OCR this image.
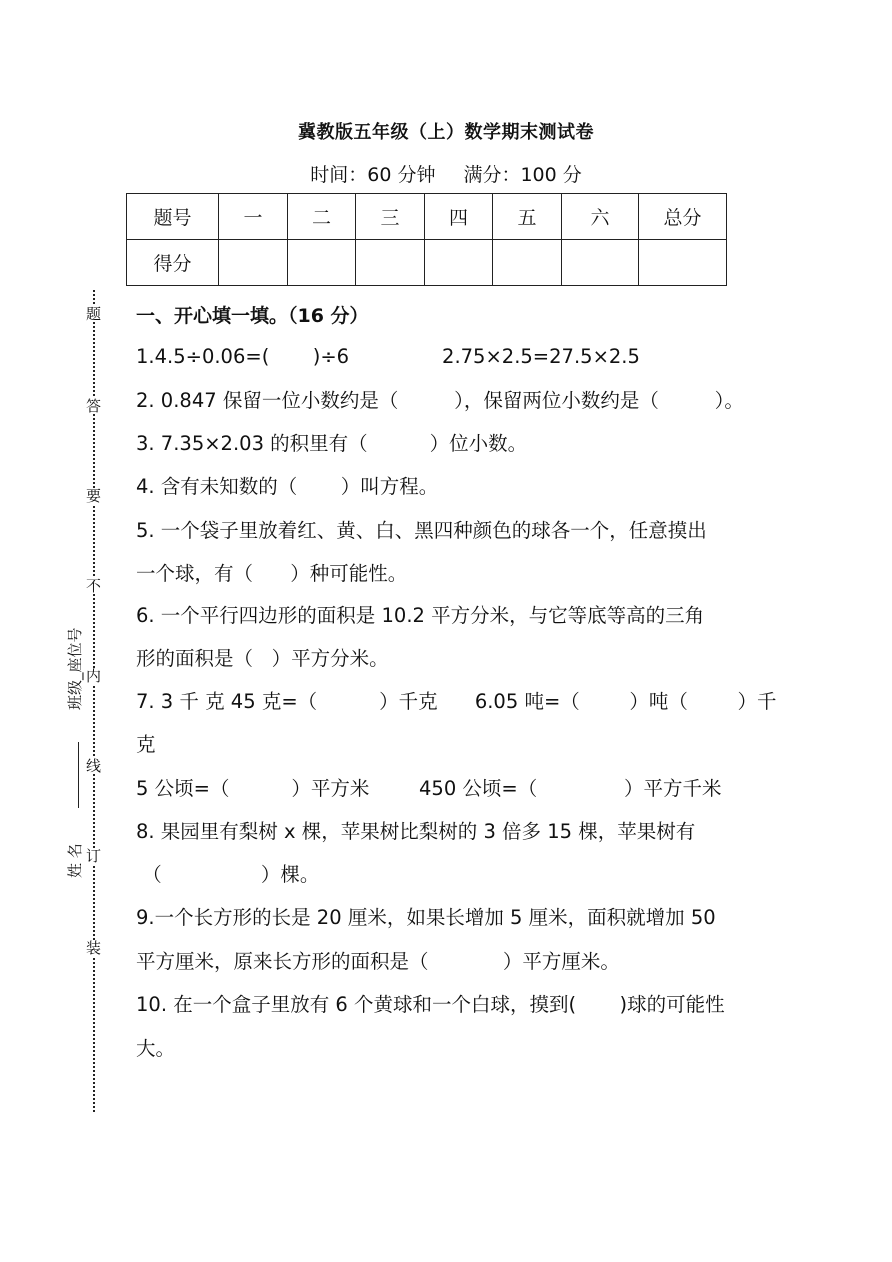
冀教版五年级（上）数学期末测试卷
时间：60 分钟 满分：100 分
题号	一	二	三	四	五	六	总分
得分							
题
答
要
不
内
线
订
装
班级_座位号
姓 名
一、开心填一填。（16 分）
1.4.5÷0.06=(       )÷6               2.75×2.5=27.5×2.5
2. 0.847 保留一位小数约是（         ），保留两位小数约是（         ）。
3. 7.35×2.03 的积里有（          ）位小数。
4. 含有未知数的（       ）叫方程。
5. 一个袋子里放着红、黄、白、黑四种颜色的球各一个，任意摸出
一个球，有（      ）种可能性。
6. 一个平行四边形的面积是 10.2 平方分米，与它等底等高的三角
形的面积是（   ）平方分米。
7. 3 千 克 45 克=（          ）千克      6.05 吨=（        ）吨（        ）千
克
5 公顷=（          ）平方米        450 公顷=（              ）平方千米
8. 果园里有梨树 x 棵，苹果树比梨树的 3 倍多 15 棵，苹果树有
（                ）棵。
9.一个长方形的长是 20 厘米，如果长增加 5 厘米，面积就增加 50
平方厘米，原来长方形的面积是（            ）平方厘米。
10. 在一个盒子里放有 6 个黄球和一个白球，摸到(       )球的可能性
大。
